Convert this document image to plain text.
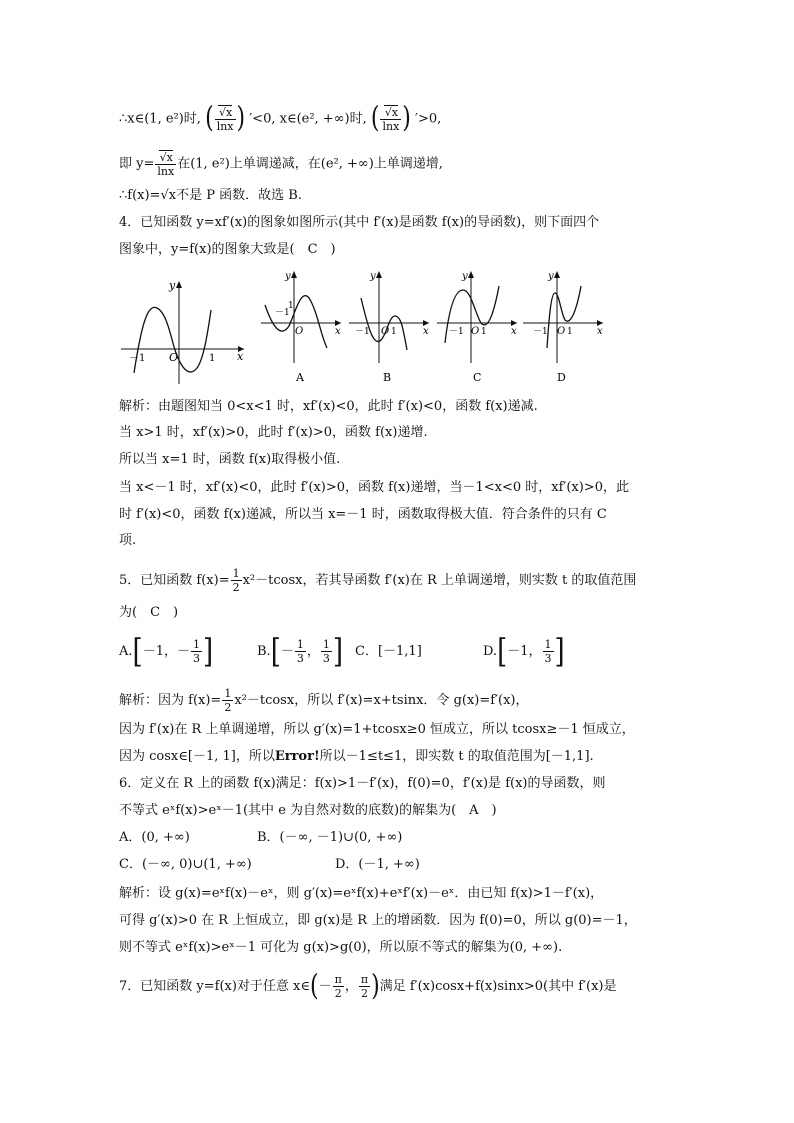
∴x∈(1, e²)时, ( $\frac{√x}{\ln x}$ ) ′<0, x∈(e², +∞)时, ( $\frac{√x}{\ln x}$ ) ′>0,
即 $y= \frac{√x}{\ln x}$ 在(1, e²)上单调递减，在(e², +∞)上单调递增,
∴f(x)=√x不是 P 函数．故选 B.
4．已知函数 y=xf′(x)的图象如图所示(其中 f′(x)是函数 f(x)的导函数)，则下面四个
图象中，y=f(x)的图象大致是(　C　)
y
x
O
－1	1
y
x
O
－1
1
A
y
x
O
－1 1
B
y
x
O
－1 1
C
y
x
O
－1 1
D
解析：由题图知当 0<x<1 时，xf′(x)<0，此时 f′(x)<0，函数 f(x)递减.
当 x>1 时，xf′(x)>0，此时 f′(x)>0，函数 f(x)递增.
所以当 x=1 时，函数 f(x)取得极小值.
当 x<－1 时，xf′(x)<0，此时 f′(x)>0，函数 f(x)递增，当－1<x<0 时，xf′(x)>0，此
时 f′(x)<0，函数 f(x)递减，所以当 x=－1 时，函数取得极大值．符合条件的只有 C
项.
5．已知函数 $f(x)= \frac{1}{2} x^2-tcosx$，若其导函数 f′(x)在 R 上单调递增，则实数 t 的取值范围
为(　C　)
A.[－1，－ $\frac{1}{3}$ ]	$B.[- \frac{1}{3}$ ， $\frac{1}{3}$ ] C．[－1,1]	D.[－1， $\frac{1}{3}$ ]
解析：因为 $f(x)= \frac{1}{2} x^2-tcosx$，所以 f′(x)=x+tsinx．令 g(x)=f′(x)，
因为 f′(x)在 R 上单调递增，所以 g′(x)=1+tcosx≥0 恒成立，所以 tcosx≥－1 恒成立，
因为 cosx∈[－1, 1]，所以Error!所以－1≤t≤1，即实数 t 的取值范围为[－1,1].
6．定义在 R 上的函数 f(x)满足：f(x)>1－f′(x)，f(0)=0，f′(x)是 f(x)的导函数，则
不等式 eˣf(x)>eˣ－1(其中 e 为自然对数的底数)的解集为(　A　)
A．(0, +∞)	B．(－∞, －1)∪(0, +∞)
C．(－∞, 0)∪(1, +∞)	D．(－1, +∞)
解析：设 g(x)=eˣf(x)－eˣ，则 g′(x)=eˣf(x)+eˣf′(x)－eˣ．由已知 f(x)>1－f′(x)，
可得 g′(x)>0 在 R 上恒成立，即 g(x)是 R 上的增函数．因为 f(0)=0，所以 g(0)=－1，
则不等式 eˣf(x)>eˣ－1 可化为 g(x)>g(0)，所以原不等式的解集为(0, +∞).
7．已知函数 y=f(x)对于任意 x∈(－ $\frac{\pi}{2}$ ， $\frac{\pi}{2}$ )满足 f′(x)cosx+f(x)sinx>0(其中 f′(x)是
